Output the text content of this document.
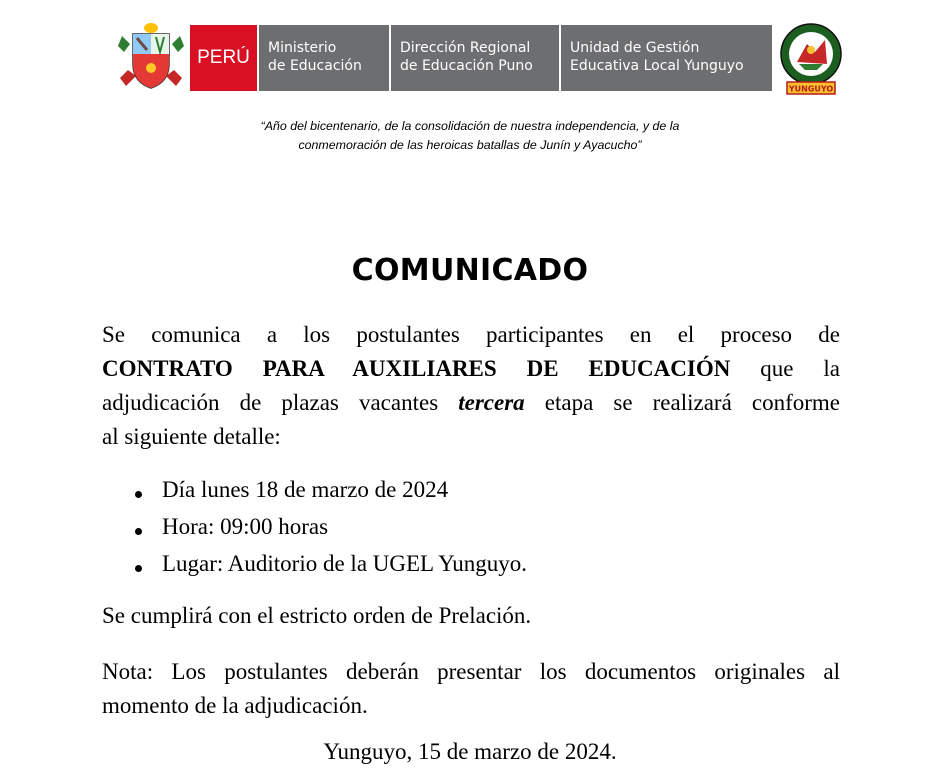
PERÚ Ministerio
de Educación
Dirección Regional
de Educación Puno
Unidad de Gestión
Educativa Local Yunguyo
YUNGUYO
“Año del bicentenario, de la consolidación de nuestra independencia, y de la
conmemoración de las heroicas batallas de Junín y Ayacucho”
COMUNICADO
Se comunica a los postulantes participantes en el proceso de
CONTRATO PARA AUXILIARES DE EDUCACIÓN que la
adjudicación de plazas vacantes tercera etapa se realizará conforme
al siguiente detalle:
Día lunes 18 de marzo de 2024
Hora: 09:00 horas
Lugar: Auditorio de la UGEL Yunguyo.
Se cumplirá con el estricto orden de Prelación.
Nota: Los postulantes deberán presentar los documentos originales al
momento de la adjudicación.
Yunguyo, 15 de marzo de 2024.
